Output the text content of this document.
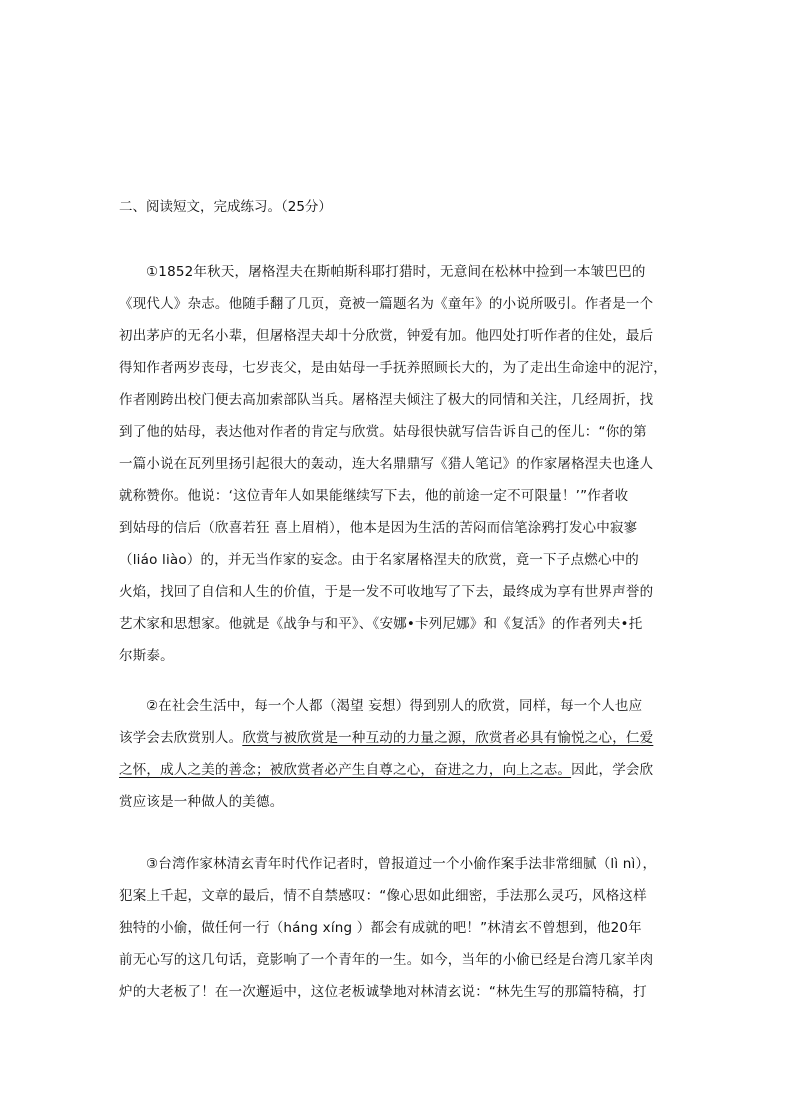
二、阅读短文，完成练习。（25分）
①1852年秋天，屠格涅夫在斯帕斯科耶打猎时，无意间在松林中捡到一本皱巴巴的
《现代人》杂志。他随手翻了几页，竟被一篇题名为《童年》的小说所吸引。作者是一个
初出茅庐的无名小辈，但屠格涅夫却十分欣赏，钟爱有加。他四处打听作者的住处，最后
得知作者两岁丧母，七岁丧父，是由姑母一手抚养照顾长大的，为了走出生命途中的泥泞，
作者刚跨出校门便去高加索部队当兵。屠格涅夫倾注了极大的同情和关注，几经周折，找
到了他的姑母，表达他对作者的肯定与欣赏。姑母很快就写信告诉自己的侄儿：“你的第
一篇小说在瓦列里扬引起很大的轰动，连大名鼎鼎写《猎人笔记》的作家屠格涅夫也逢人
就称赞你。他说：‘这位青年人如果能继续写下去，他的前途一定不可限量！’”作者收
到姑母的信后（欣喜若狂 喜上眉梢），他本是因为生活的苦闷而信笔涂鸦打发心中寂寥
（liáo liào）的，并无当作家的妄念。由于名家屠格涅夫的欣赏，竟一下子点燃心中的
火焰，找回了自信和人生的价值，于是一发不可收地写了下去，最终成为享有世界声誉的
艺术家和思想家。他就是《战争与和平》、《安娜•卡列尼娜》和《复活》的作者列夫•托
尔斯泰。
②在社会生活中，每一个人都（渴望 妄想）得到别人的欣赏，同样，每一个人也应
该学会去欣赏别人。欣赏与被欣赏是一种互动的力量之源，欣赏者必具有愉悦之心，仁爱
之怀，成人之美的善念；被欣赏者必产生自尊之心，奋进之力，向上之志。因此，学会欣
赏应该是一种做人的美德。
③台湾作家林清玄青年时代作记者时，曾报道过一个小偷作案手法非常细腻（lì nì），
犯案上千起，文章的最后，情不自禁感叹：“像心思如此细密，手法那么灵巧，风格这样
独特的小偷，做任何一行（háng xíng ）都会有成就的吧！”林清玄不曾想到，他20年
前无心写的这几句话，竟影响了一个青年的一生。如今，当年的小偷已经是台湾几家羊肉
炉的大老板了！在一次邂逅中，这位老板诚挚地对林清玄说：“林先生写的那篇特稿，打
